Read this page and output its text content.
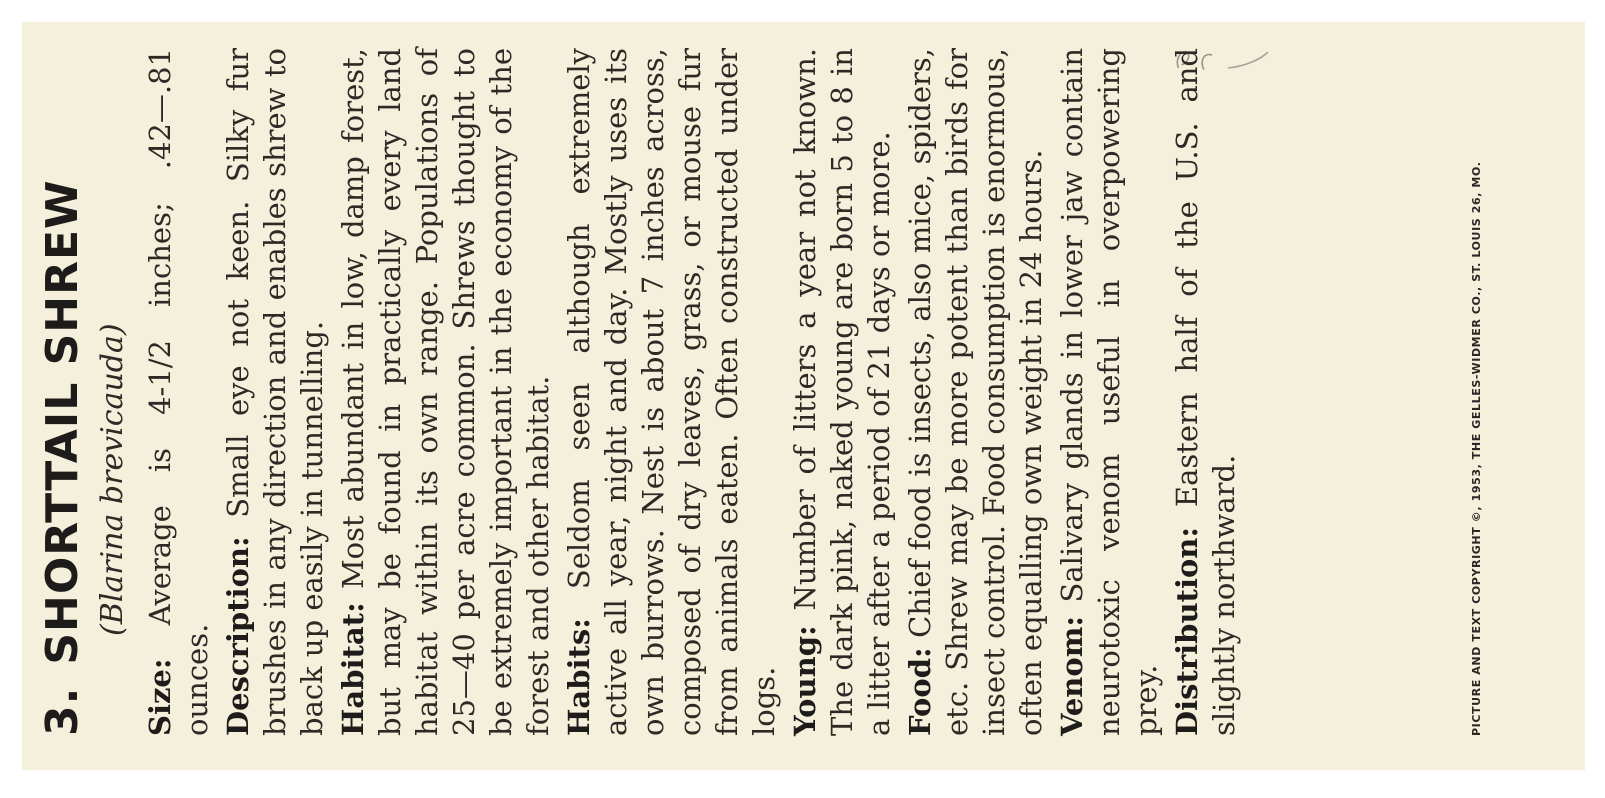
3.SHORTTAIL SHREW (Blarina brevicauda)

Size: Average is 4-1/2 inches; .42—.81 ounces. Description: Small eye not keen. Silky fur brushes in any direction and enables shrew to back up easily in tunnelling. Habitat: Most abundant in low, damp forest, but may be found in practically every land habitat within its own range. Populations of 25—40 per acre common. Shrews thought to be extremely important in the economy of the forest and other habitat. Habits: Seldom seen although extremely active all year, night and day. Mostly uses its own burrows. Nest is about 7 inches across, composed of dry leaves, grass, or mouse fur from animals eaten. Often constructed under logs. Young: Number of litters a year not known. The dark pink, naked young are born 5 to 8 in a litter after a period of 21 days or more. Food: Chief food is insects, also mice, spiders, etc. Shrew may be more potent than birds for insect control. Food consumption is enormous, often equalling own weight in 24 hours. Venom: Salivary glands in lower jaw contain neurotoxic venom useful in overpowering prey. Distribution: Eastern half of the U.S. and slightly northward.	PICTURE AND TEXT COPYRIGHT ©, 1953, THE GELLES-WIDMER CO., ST. LOUIS 26, MO.
